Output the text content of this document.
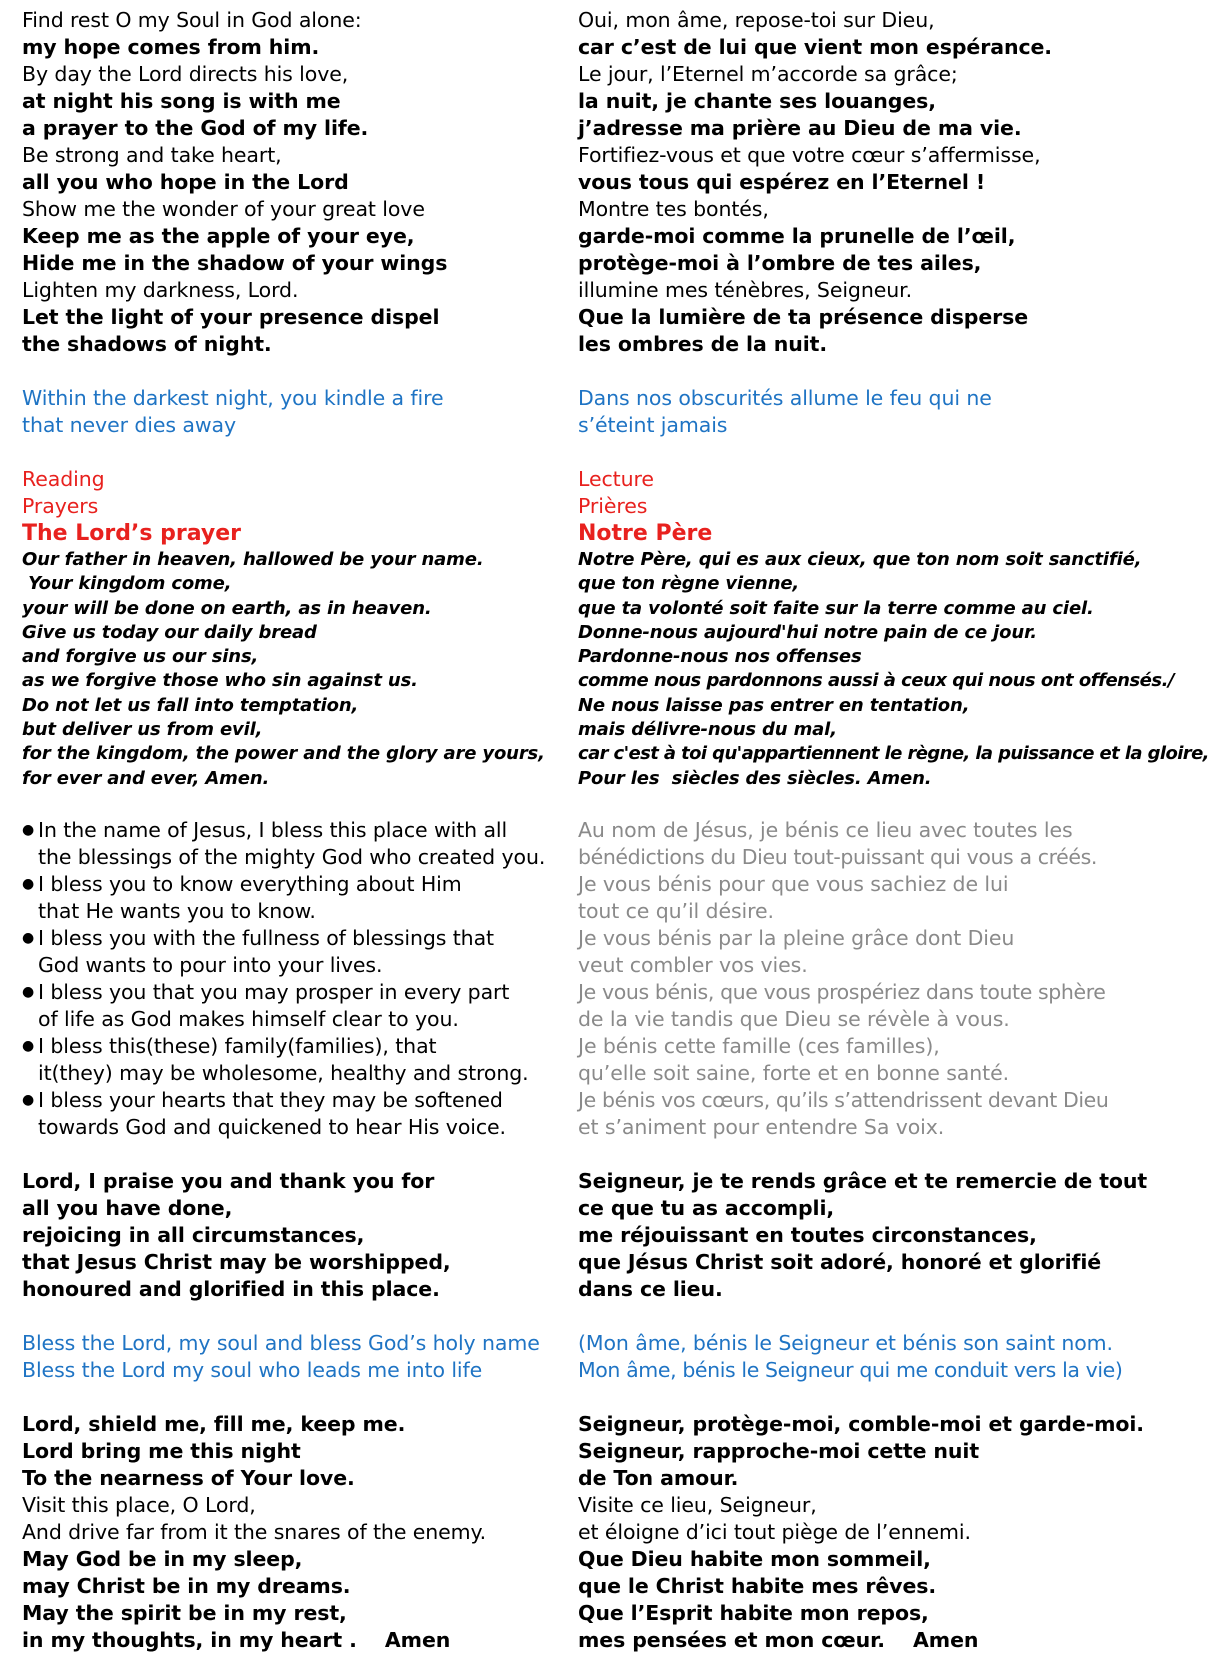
Find rest O my Soul in God alone:
my hope comes from him.
By day the Lord directs his love,
at night his song is with me
a prayer to the God of my life.
Be strong and take heart,
all you who hope in the Lord
Show me the wonder of your great love
Keep me as the apple of your eye,
Hide me in the shadow of your wings
Lighten my darkness, Lord.
Let the light of your presence dispel
the shadows of night.
Within the darkest night, you kindle a fire
that never dies away
Reading
Prayers
The Lord’s prayer
Our father in heaven, hallowed be your name.
Your kingdom come,
your will be done on earth, as in heaven.
Give us today our daily bread
and forgive us our sins,
as we forgive those who sin against us.
Do not let us fall into temptation,
but deliver us from evil,
for the kingdom, the power and the glory are yours,
for ever and ever, Amen.
● In the name of Jesus, I bless this place with all
the blessings of the mighty God who created you.
● I bless you to know everything about Him
that He wants you to know.
● I bless you with the fullness of blessings that
God wants to pour into your lives.
● I bless you that you may prosper in every part
of life as God makes himself clear to you.
● I bless this(these) family(families), that
it(they) may be wholesome, healthy and strong.
● I bless your hearts that they may be softened
towards God and quickened to hear His voice.
Lord, I praise you and thank you for
all you have done,
rejoicing in all circumstances,
that Jesus Christ may be worshipped,
honoured and glorified in this place.
Bless the Lord, my soul and bless God’s holy name
Bless the Lord my soul who leads me into life
Lord, shield me, fill me, keep me.
Lord bring me this night
To the nearness of Your love.
Visit this place, O Lord,
And drive far from it the snares of the enemy.
May God be in my sleep,
may Christ be in my dreams.
May the spirit be in my rest,
in my thoughts, in my heart .    Amen
Oui, mon âme, repose-toi sur Dieu,
car c’est de lui que vient mon espérance.
Le jour, l’Eternel m’accorde sa grâce;
la nuit, je chante ses louanges,
j’adresse ma prière au Dieu de ma vie.
Fortifiez-vous et que votre cœur s’affermisse,
vous tous qui espérez en l’Eternel !
Montre tes bontés,
garde-moi comme la prunelle de l’œil,
protège-moi à l’ombre de tes ailes,
illumine mes ténèbres, Seigneur.
Que la lumière de ta présence disperse
les ombres de la nuit.
Dans nos obscurités allume le feu qui ne
s’éteint jamais
Lecture
Prières
Notre Père
Notre Père, qui es aux cieux, que ton nom soit sanctifié,
que ton règne vienne,
que ta volonté soit faite sur la terre comme au ciel.
Donne-nous aujourd'hui notre pain de ce jour.
Pardonne-nous nos offenses
comme nous pardonnons aussi à ceux qui nous ont offensés./
Ne nous laisse pas entrer en tentation,
mais délivre-nous du mal,
car c'est à toi qu'appartiennent le règne, la puissance et la gloire,
Pour les  siècles des siècles. Amen.
Au nom de Jésus, je bénis ce lieu avec toutes les
bénédictions du Dieu tout-puissant qui vous a créés.
Je vous bénis pour que vous sachiez de lui
tout ce qu’il désire.
Je vous bénis par la pleine grâce dont Dieu
veut combler vos vies.
Je vous bénis, que vous prospériez dans toute sphère
de la vie tandis que Dieu se révèle à vous.
Je bénis cette famille (ces familles),
qu’elle soit saine, forte et en bonne santé.
Je bénis vos cœurs, qu’ils s’attendrissent devant Dieu
et s’animent pour entendre Sa voix.
Seigneur, je te rends grâce et te remercie de tout
ce que tu as accompli,
me réjouissant en toutes circonstances,
que Jésus Christ soit adoré, honoré et glorifié
dans ce lieu.
(Mon âme, bénis le Seigneur et bénis son saint nom.
Mon âme, bénis le Seigneur qui me conduit vers la vie)
Seigneur, protège-moi, comble-moi et garde-moi.
Seigneur, rapproche-moi cette nuit
de Ton amour.
Visite ce lieu, Seigneur,
et éloigne d’ici tout piège de l’ennemi.
Que Dieu habite mon sommeil,
que le Christ habite mes rêves.
Que l’Esprit habite mon repos,
mes pensées et mon cœur.    Amen
